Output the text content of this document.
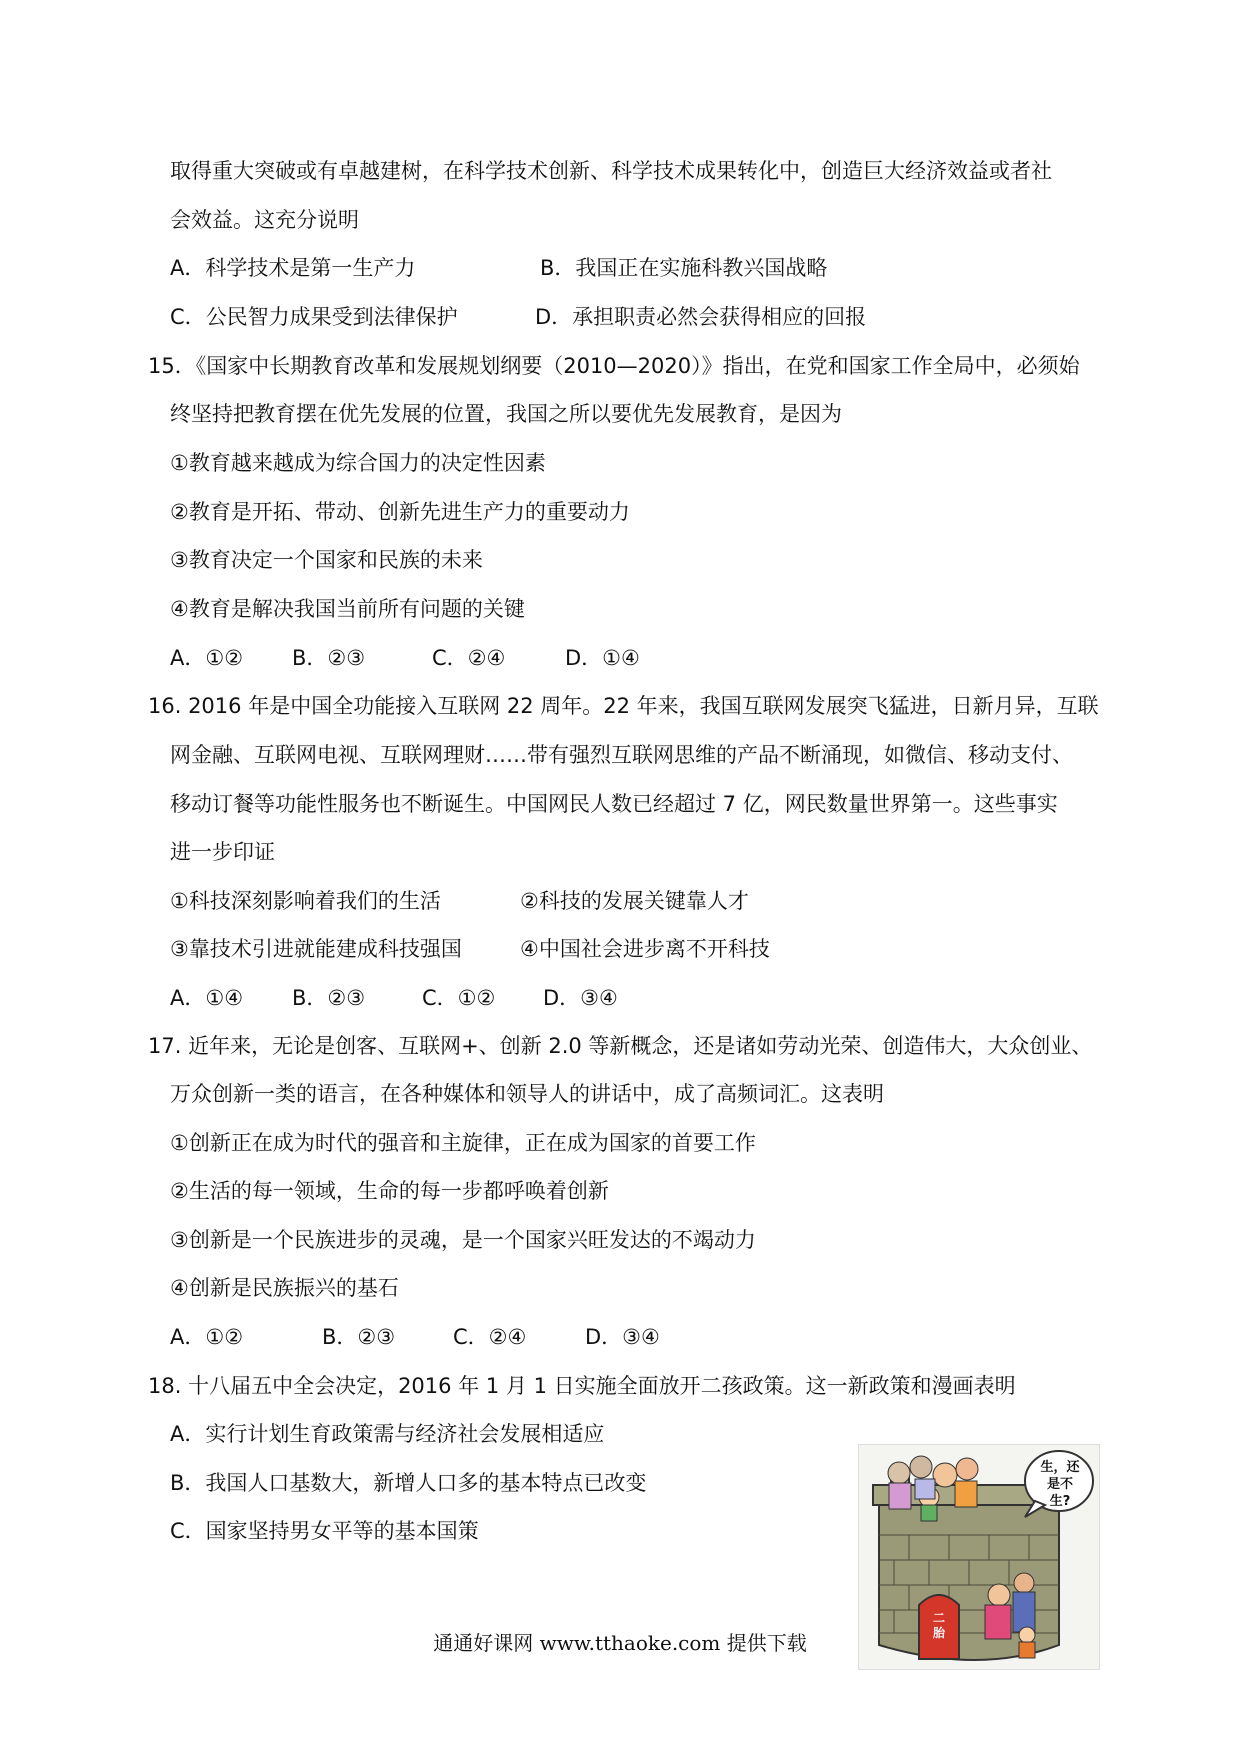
取得重大突破或有卓越建树，在科学技术创新、科学技术成果转化中，创造巨大经济效益或者社
会效益。这充分说明
A．科学技术是第一生产力	B．我国正在实施科教兴国战略
C．公民智力成果受到法律保护	D．承担职责必然会获得相应的回报
15．《国家中长期教育改革和发展规划纲要（2010—2020）》指出，在党和国家工作全局中，必须始
终坚持把教育摆在优先发展的位置，我国之所以要优先发展教育，是因为
①教育越来越成为综合国力的决定性因素
②教育是开拓、带动、创新先进生产力的重要动力
③教育决定一个国家和民族的未来
④教育是解决我国当前所有问题的关键
A．①② B．②③	C．②④	D．①④
16. 2016 年是中国全功能接入互联网 22 周年。22 年来，我国互联网发展突飞猛进，日新月异，互联
网金融、互联网电视、互联网理财……带有强烈互联网思维的产品不断涌现，如微信、移动支付、
移动订餐等功能性服务也不断诞生。中国网民人数已经超过 7 亿，网民数量世界第一。这些事实
进一步印证
①科技深刻影响着我们的生活	②科技的发展关键靠人才
③靠技术引进就能建成科技强国	④中国社会进步离不开科技
A．①④ B．②③	C．①② D．③④
17. 近年来，无论是创客、互联网+、创新 2.0 等新概念，还是诸如劳动光荣、创造伟大，大众创业、
万众创新一类的语言，在各种媒体和领导人的讲话中，成了高频词汇。这表明
①创新正在成为时代的强音和主旋律，正在成为国家的首要工作
②生活的每一领域，生命的每一步都呼唤着创新
③创新是一个民族进步的灵魂，是一个国家兴旺发达的不竭动力
④创新是民族振兴的基石
A．①②	B．②③	C．②④	D．③④
18. 十八届五中全会决定，2016 年 1 月 1 日实施全面放开二孩政策。这一新政策和漫画表明
A．实行计划生育政策需与经济社会发展相适应
B．我国人口基数大，新增人口多的基本特点已改变
C．国家坚持男女平等的基本国策
生，还是不生?
二胎
通通好课网 www.tthaoke.com 提供下载
